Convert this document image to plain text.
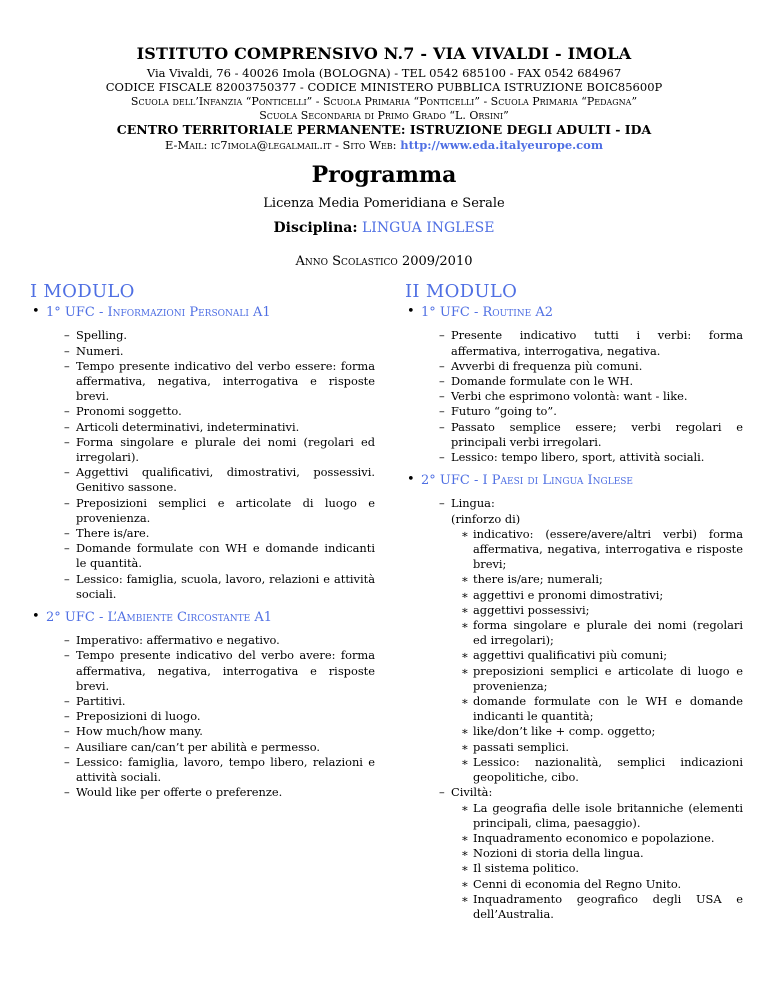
ISTITUTO COMPRENSIVO N.7 - VIA VIVALDI - IMOLA
Via Vivaldi, 76 - 40026 Imola (BOLOGNA) - TEL 0542 685100 - FAX 0542 684967
CODICE FISCALE 82003750377 - CODICE MINISTERO PUBBLICA ISTRUZIONE BOIC85600P
Scuola dell’Infanzia “Ponticelli” - Scuola Primaria “Ponticelli” - Scuola Primaria “Pedagna”
Scuola Secondaria di Primo Grado “L. Orsini”
CENTRO TERRITORIALE PERMANENTE: ISTRUZIONE DEGLI ADULTI - IDA
E-Mail: ic7imola@legalmail.it - Sito Web: http://www.eda.italyeurope.com
Programma
Licenza Media Pomeridiana e Serale
Disciplina: LINGUA INGLESE
Anno Scolastico 2009/2010
I MODULO
• 1° UFC - Informazioni Personali A1
– Spelling.
– Numeri.
– Tempo presente indicativo del verbo essere: forma affermativa, negativa, interrogativa e risposte brevi.
– Pronomi soggetto.
– Articoli determinativi, indeterminativi.
– Forma singolare e plurale dei nomi (regolari ed irregolari).
– Aggettivi qualificativi, dimostrativi, possessivi. Genitivo sassone.
– Preposizioni semplici e articolate di luogo e provenienza.
– There is/are.
– Domande formulate con WH e domande indicanti le quantità.
– Lessico: famiglia, scuola, lavoro, relazioni e attività sociali.
• 2° UFC - L’Ambiente Circostante A1
– Imperativo: affermativo e negativo.
– Tempo presente indicativo del verbo avere: forma affermativa, negativa, interrogativa e risposte brevi.
– Partitivi.
– Preposizioni di luogo.
– How much/how many.
– Ausiliare can/can’t per abilità e permesso.
– Lessico: famiglia, lavoro, tempo libero, relazioni e attività sociali.
– Would like per offerte o preferenze.
II MODULO
• 1° UFC - Routine A2
– Presente indicativo tutti i verbi: forma affermativa, interrogativa, negativa.
– Avverbi di frequenza più comuni.
– Domande formulate con le WH.
– Verbi che esprimono volontà: want - like.
– Futuro “going to”.
– Passato semplice essere; verbi regolari e principali verbi irregolari.
– Lessico: tempo libero, sport, attività sociali.
• 2° UFC - I Paesi di Lingua Inglese
– Lingua:
(rinforzo di)
∗ indicativo: (essere/avere/altri verbi) forma affermativa, negativa, interrogativa e risposte brevi;
∗ there is/are; numerali;
∗ aggettivi e pronomi dimostrativi;
∗ aggettivi possessivi;
∗ forma singolare e plurale dei nomi (regolari ed irregolari);
∗ aggettivi qualificativi più comuni;
∗ preposizioni semplici e articolate di luogo e provenienza;
∗ domande formulate con le WH e domande indicanti le quantità;
∗ like/don’t like + comp. oggetto;
∗ passati semplici.
∗ Lessico: nazionalità, semplici indicazioni geopolitiche, cibo.
– Civiltà:
∗ La geografia delle isole britanniche (elementi principali, clima, paesaggio).
∗ Inquadramento economico e popolazione.
∗ Nozioni di storia della lingua.
∗ Il sistema politico.
∗ Cenni di economia del Regno Unito.
∗ Inquadramento geografico degli USA e dell’Australia.
